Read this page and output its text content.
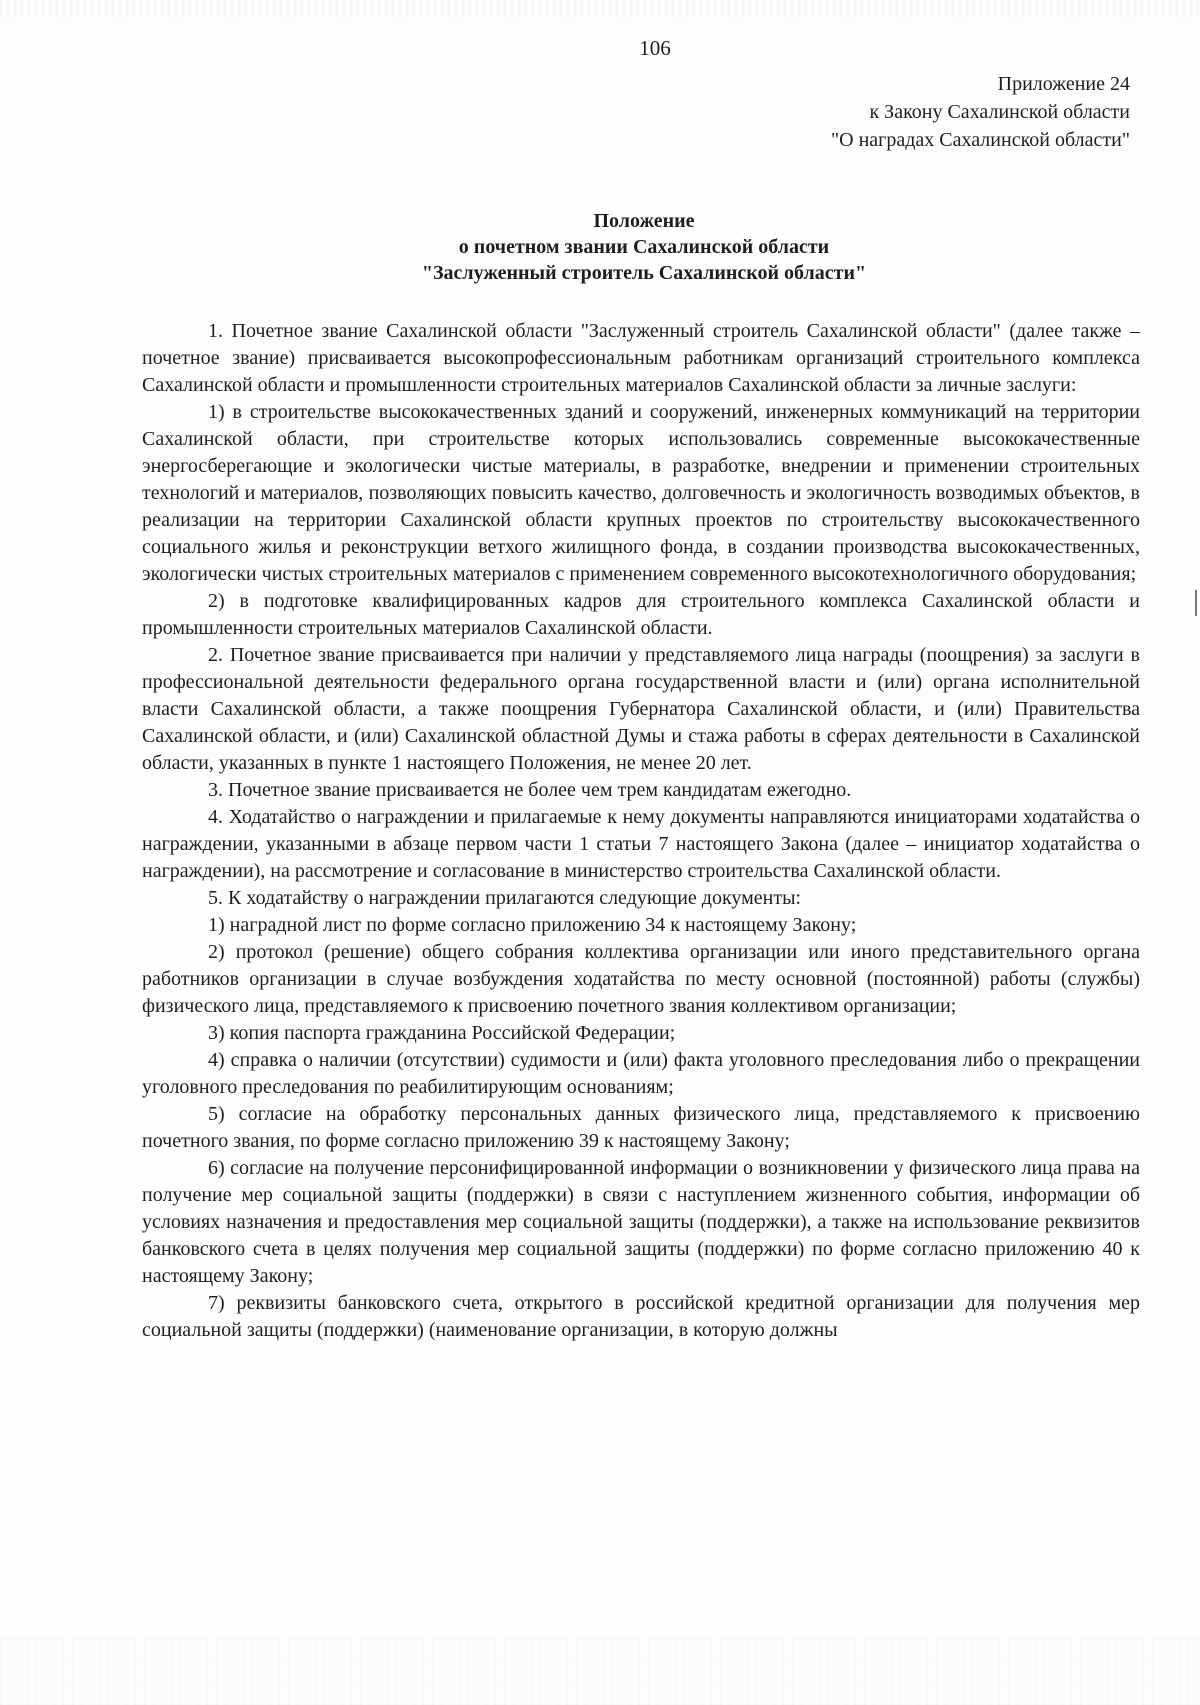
106
Приложение 24
к Закону Сахалинской области
"О наградах Сахалинской области"
Положение
о почетном звании Сахалинской области
"Заслуженный строитель Сахалинской области"

1. Почетное звание Сахалинской области "Заслуженный строитель Сахалинской области" (далее также – почетное звание) присваивается высокопрофессиональным работникам организаций строительного комплекса Сахалинской области и промышленности строительных материалов Сахалинской области за личные заслуги:

1) в строительстве высококачественных зданий и сооружений, инженерных коммуникаций на территории Сахалинской области, при строительстве которых использовались современные высококачественные энергосберегающие и экологически чистые материалы, в разработке, внедрении и применении строительных технологий и материалов, позволяющих повысить качество, долговечность и экологичность возводимых объектов, в реализации на территории Сахалинской области крупных проектов по строительству высококачественного социального жилья и реконструкции ветхого жилищного фонда, в создании производства высококачественных, экологически чистых строительных материалов с применением современного высокотехнологичного оборудования;

2) в подготовке квалифицированных кадров для строительного комплекса Сахалинской области и промышленности строительных материалов Сахалинской области.

2. Почетное звание присваивается при наличии у представляемого лица награды (поощрения) за заслуги в профессиональной деятельности федерального органа государственной власти и (или) органа исполнительной власти Сахалинской области, а также поощрения Губернатора Сахалинской области, и (или) Правительства Сахалинской области, и (или) Сахалинской областной Думы и стажа работы в сферах деятельности в Сахалинской области, указанных в пункте 1 настоящего Положения, не менее 20 лет.

3. Почетное звание присваивается не более чем трем кандидатам ежегодно.

4. Ходатайство о награждении и прилагаемые к нему документы направляются инициаторами ходатайства о награждении, указанными в абзаце первом части 1 статьи 7 настоящего Закона (далее – инициатор ходатайства о награждении), на рассмотрение и согласование в министерство строительства Сахалинской области.

5. К ходатайству о награждении прилагаются следующие документы:

1) наградной лист по форме согласно приложению 34 к настоящему Закону;

2) протокол (решение) общего собрания коллектива организации или иного представительного органа работников организации в случае возбуждения ходатайства по месту основной (постоянной) работы (службы) физического лица, представляемого к присвоению почетного звания коллективом организации;

3) копия паспорта гражданина Российской Федерации;

4) справка о наличии (отсутствии) судимости и (или) факта уголовного преследования либо о прекращении уголовного преследования по реабилитирующим основаниям;

5) согласие на обработку персональных данных физического лица, представляемого к присвоению почетного звания, по форме согласно приложению 39 к настоящему Закону;

6) согласие на получение персонифицированной информации о возникновении у физического лица права на получение мер социальной защиты (поддержки) в связи с наступлением жизненного события, информации об условиях назначения и предоставления мер социальной защиты (поддержки), а также на использование реквизитов банковского счета в целях получения мер социальной защиты (поддержки) по форме согласно приложению 40 к настоящему Закону;

7) реквизиты банковского счета, открытого в российской кредитной организации для получения мер социальной защиты (поддержки) (наименование организации, в которую должны
